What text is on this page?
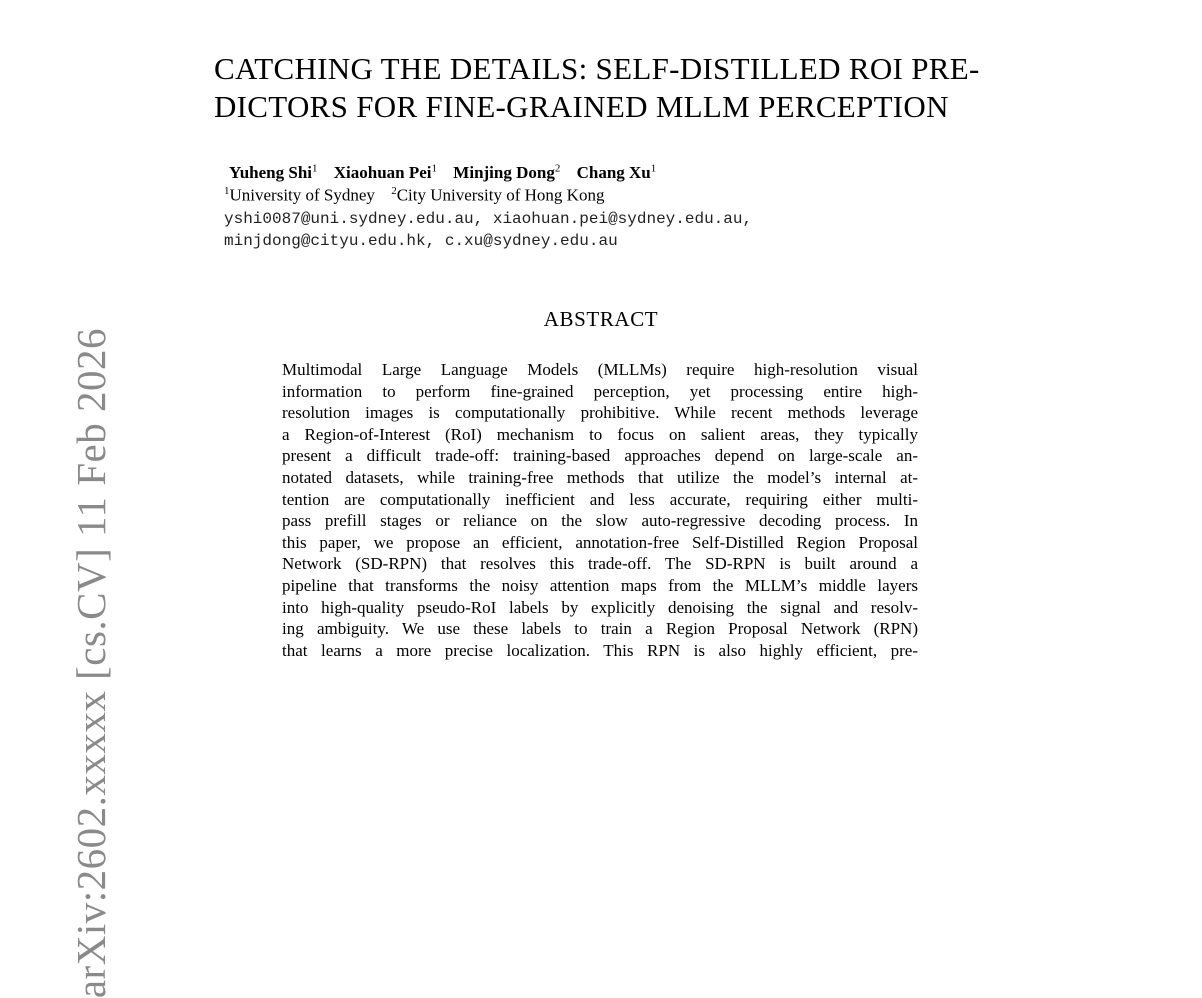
arXiv:2602.xxxxx [cs.CV] 11 Feb 2026
CATCHING THE DETAILS: SELF-DISTILLED ROI PRE-
DICTORS FOR FINE-GRAINED MLLM PERCEPTION
Yuheng Shi$^1$ Xiaohuan Pei$^1$ Minjing Dong$^2$ Chang Xu$^1$
$^1$University of Sydney $^2$City University of Hong Kong
yshi0087@uni.sydney.edu.au, xiaohuan.pei@sydney.edu.au,
minjdong@cityu.edu.hk, c.xu@sydney.edu.au
ABSTRACT
Multimodal Large Language Models (MLLMs) require high-resolution visual
information to perform fine-grained perception, yet processing entire high-
resolution images is computationally prohibitive. While recent methods leverage
a Region-of-Interest (RoI) mechanism to focus on salient areas, they typically
present a difficult trade-off: training-based approaches depend on large-scale an-
notated datasets, while training-free methods that utilize the model’s internal at-
tention are computationally inefficient and less accurate, requiring either multi-
pass prefill stages or reliance on the slow auto-regressive decoding process. In
this paper, we propose an efficient, annotation-free Self-Distilled Region Proposal
Network (SD-RPN) that resolves this trade-off. The SD-RPN is built around a
pipeline that transforms the noisy attention maps from the MLLM’s middle layers
into high-quality pseudo-RoI labels by explicitly denoising the signal and resolv-
ing ambiguity. We use these labels to train a Region Proposal Network (RPN)
that learns a more precise localization. This RPN is also highly efficient, pre-
